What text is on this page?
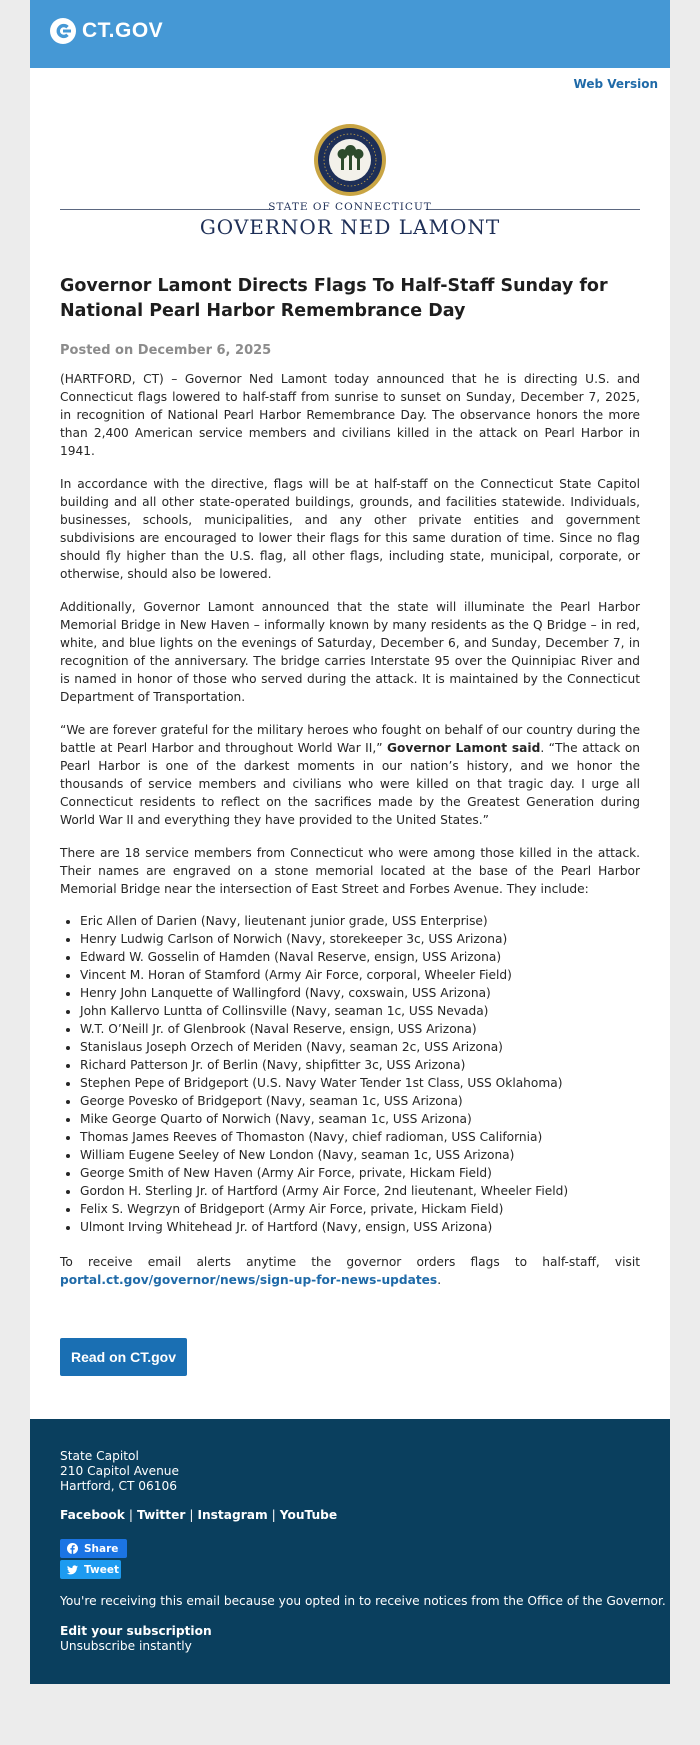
CT.GOV
Web Version
STATE OF CONNECTICUT
GOVERNOR NED LAMONT
Governor Lamont Directs Flags To Half-Staff Sunday for National Pearl Harbor Remembrance Day

Posted on December 6, 2025

(HARTFORD, CT) – Governor Ned Lamont today announced that he is directing U.S. and Connecticut flags lowered to half-staff from sunrise to sunset on Sunday, December 7, 2025, in recognition of National Pearl Harbor Remembrance Day. The observance honors the more than 2,400 American service members and civilians killed in the attack on Pearl Harbor in 1941.

In accordance with the directive, flags will be at half-staff on the Connecticut State Capitol building and all other state-operated buildings, grounds, and facilities statewide. Individuals, businesses, schools, municipalities, and any other private entities and government subdivisions are encouraged to lower their flags for this same duration of time. Since no flag should fly higher than the U.S. flag, all other flags, including state, municipal, corporate, or otherwise, should also be lowered.

Additionally, Governor Lamont announced that the state will illuminate the Pearl Harbor Memorial Bridge in New Haven – informally known by many residents as the Q Bridge – in red, white, and blue lights on the evenings of Saturday, December 6, and Sunday, December 7, in recognition of the anniversary. The bridge carries Interstate 95 over the Quinnipiac River and is named in honor of those who served during the attack. It is maintained by the Connecticut Department of Transportation.

“We are forever grateful for the military heroes who fought on behalf of our country during the battle at Pearl Harbor and throughout World War II,” Governor Lamont said. “The attack on Pearl Harbor is one of the darkest moments in our nation’s history, and we honor the thousands of service members and civilians who were killed on that tragic day. I urge all Connecticut residents to reflect on the sacrifices made by the Greatest Generation during World War II and everything they have provided to the United States.”

There are 18 service members from Connecticut who were among those killed in the attack. Their names are engraved on a stone memorial located at the base of the Pearl Harbor Memorial Bridge near the intersection of East Street and Forbes Avenue. They include:

• Eric Allen of Darien (Navy, lieutenant junior grade, USS Enterprise)
• Henry Ludwig Carlson of Norwich (Navy, storekeeper 3c, USS Arizona)
• Edward W. Gosselin of Hamden (Naval Reserve, ensign, USS Arizona)
• Vincent M. Horan of Stamford (Army Air Force, corporal, Wheeler Field)
• Henry John Lanquette of Wallingford (Navy, coxswain, USS Arizona)
• John Kallervo Luntta of Collinsville (Navy, seaman 1c, USS Nevada)
• W.T. O’Neill Jr. of Glenbrook (Naval Reserve, ensign, USS Arizona)
• Stanislaus Joseph Orzech of Meriden (Navy, seaman 2c, USS Arizona)
• Richard Patterson Jr. of Berlin (Navy, shipfitter 3c, USS Arizona)
• Stephen Pepe of Bridgeport (U.S. Navy Water Tender 1st Class, USS Oklahoma)
• George Povesko of Bridgeport (Navy, seaman 1c, USS Arizona)
• Mike George Quarto of Norwich (Navy, seaman 1c, USS Arizona)
• Thomas James Reeves of Thomaston (Navy, chief radioman, USS California)
• William Eugene Seeley of New London (Navy, seaman 1c, USS Arizona)
• George Smith of New Haven (Army Air Force, private, Hickam Field)
• Gordon H. Sterling Jr. of Hartford (Army Air Force, 2nd lieutenant, Wheeler Field)
• Felix S. Wegrzyn of Bridgeport (Army Air Force, private, Hickam Field)
• Ulmont Irving Whitehead Jr. of Hartford (Navy, ensign, USS Arizona)

To receive email alerts anytime the governor orders flags to half-staff, visit portal.ct.gov/governor/news/sign-up-for-news-updates.

Read on CT.gov
State Capitol
210 Capitol Avenue
Hartford, CT 06106
Facebook | Twitter | Instagram | YouTube
Share
Tweet
You're receiving this email because you opted in to receive notices from the Office of the Governor.
Edit your subscription
Unsubscribe instantly
